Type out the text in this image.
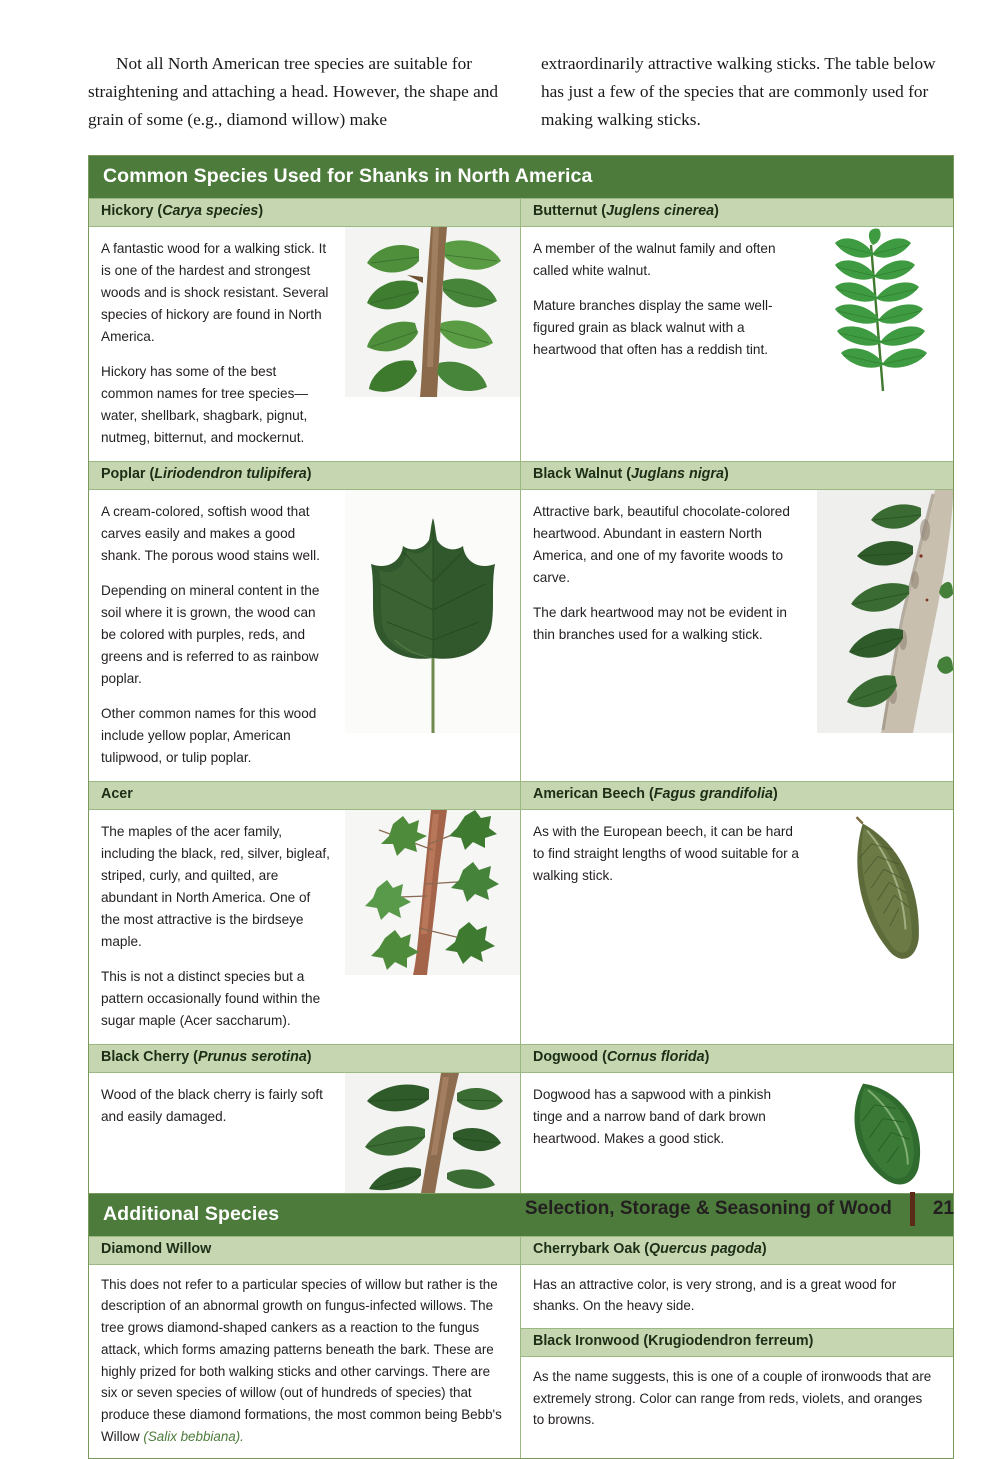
Not all North American tree species are suitable for straightening and attaching a head. However, the shape and grain of some (e.g., diamond willow) make

extraordinarily attractive walking sticks. The table below has just a few of the species that are commonly used for making walking sticks.

Common Species Used for Shanks in North America
Hickory (Carya species)

A fantastic wood for a walking stick. It is one of the hardest and strongest woods and is shock resistant. Several species of hickory are found in North America.

Hickory has some of the best common names for tree species—water, shellbark, shagbark, pignut, nutmeg, bitternut, and mockernut.

Butternut (Juglens cinerea)

A member of the walnut family and often called white walnut.

Mature branches display the same well-figured grain as black walnut with a heartwood that often has a reddish tint.

Poplar (Liriodendron tulipifera)

A cream-colored, softish wood that carves easily and makes a good shank. The porous wood stains well.

Depending on mineral content in the soil where it is grown, the wood can be colored with purples, reds, and greens and is referred to as rainbow poplar.

Other common names for this wood include yellow poplar, American tulipwood, or tulip poplar.

Black Walnut (Juglans nigra)

Attractive bark, beautiful chocolate-colored heartwood. Abundant in eastern North America, and one of my favorite woods to carve.

The dark heartwood may not be evident in thin branches used for a walking stick.

Acer

The maples of the acer family, including the black, red, silver, bigleaf, striped, curly, and quilted, are abundant in North America. One of the most attractive is the birdseye maple.

This is not a distinct species but a pattern occasionally found within the sugar maple (Acer saccharum).

American Beech (Fagus grandifolia)

As with the European beech, it can be hard to find straight lengths of wood suitable for a walking stick.

Black Cherry (Prunus serotina)

Wood of the black cherry is fairly soft and easily damaged.

Dogwood (Cornus florida)

Dogwood has a sapwood with a pinkish tinge and a narrow band of dark brown heartwood. Makes a good stick.

Additional Species
Diamond Willow

This does not refer to a particular species of willow but rather is the description of an abnormal growth on fungus-infected willows. The tree grows diamond-shaped cankers as a reaction to the fungus attack, which forms amazing patterns beneath the bark. These are highly prized for both walking sticks and other carvings. There are six or seven species of willow (out of hundreds of species) that produce these diamond formations, the most common being Bebb's Willow (Salix bebbiana).

Cherrybark Oak (Quercus pagoda)

Has an attractive color, is very strong, and is a great wood for shanks. On the heavy side.

Black Ironwood (Krugiodendron ferreum)

As the name suggests, this is one of a couple of ironwoods that are extremely strong. Color can range from reds, violets, and oranges to browns.

Selection, Storage & Seasoning of Wood	21
